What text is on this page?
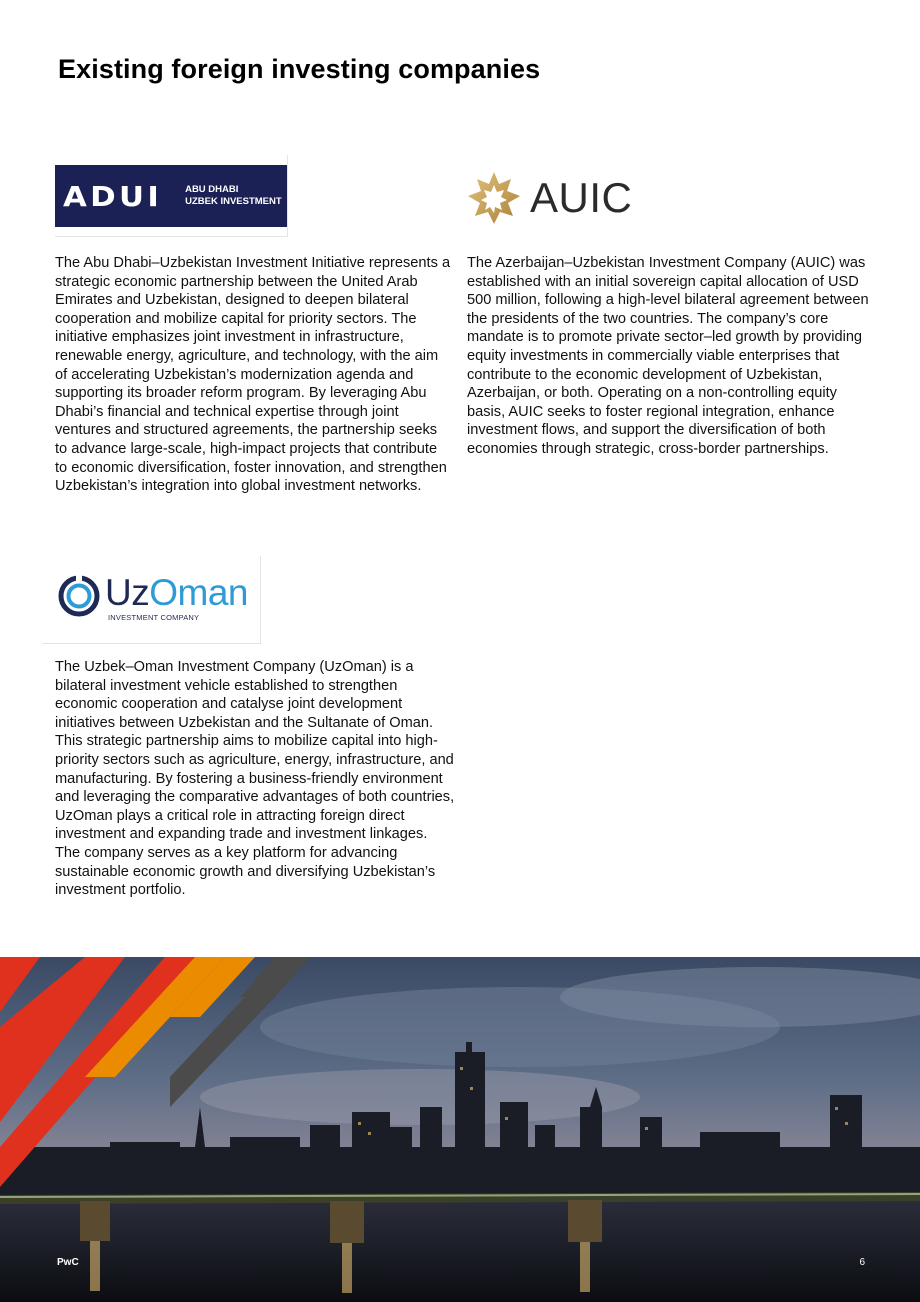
Existing foreign investing companies
ADUI ABU DHABI
UZBEK INVESTMENT	AUIC
UzOman
INVESTMENT COMPANY

The Abu Dhabi–Uzbekistan Investment Initiative represents a strategic economic partnership between the United Arab Emirates and Uzbekistan, designed to deepen bilateral cooperation and mobilize capital for priority sectors. The initiative emphasizes joint investment in infrastructure, renewable energy, agriculture, and technology, with the aim of accelerating Uzbekistan’s modernization agenda and supporting its broader reform program. By leveraging Abu Dhabi’s financial and technical expertise through joint ventures and structured agreements, the partnership seeks to advance large-scale, high-impact projects that contribute to economic diversification, foster innovation, and strengthen Uzbekistan’s integration into global investment networks.

The Azerbaijan–Uzbekistan Investment Company (AUIC) was established with an initial sovereign capital allocation of USD 500 million, following a high-level bilateral agreement between the presidents of the two countries. The company’s core mandate is to promote private sector–led growth by providing equity investments in commercially viable enterprises that contribute to the economic development of Uzbekistan, Azerbaijan, or both. Operating on a non-controlling equity basis, AUIC seeks to foster regional integration, enhance investment flows, and support the diversification of both economies through strategic, cross-border partnerships.

The Uzbek–Oman Investment Company (UzOman) is a bilateral investment vehicle established to strengthen economic cooperation and catalyse joint development initiatives between Uzbekistan and the Sultanate of Oman. This strategic partnership aims to mobilize capital into high-priority sectors such as agriculture, energy, infrastructure, and manufacturing. By fostering a business-friendly environment and leveraging the comparative advantages of both countries, UzOman plays a critical role in attracting foreign direct investment and expanding trade and investment linkages. The company serves as a key platform for advancing sustainable economic growth and diversifying Uzbekistan’s investment portfolio.

PwC	6
